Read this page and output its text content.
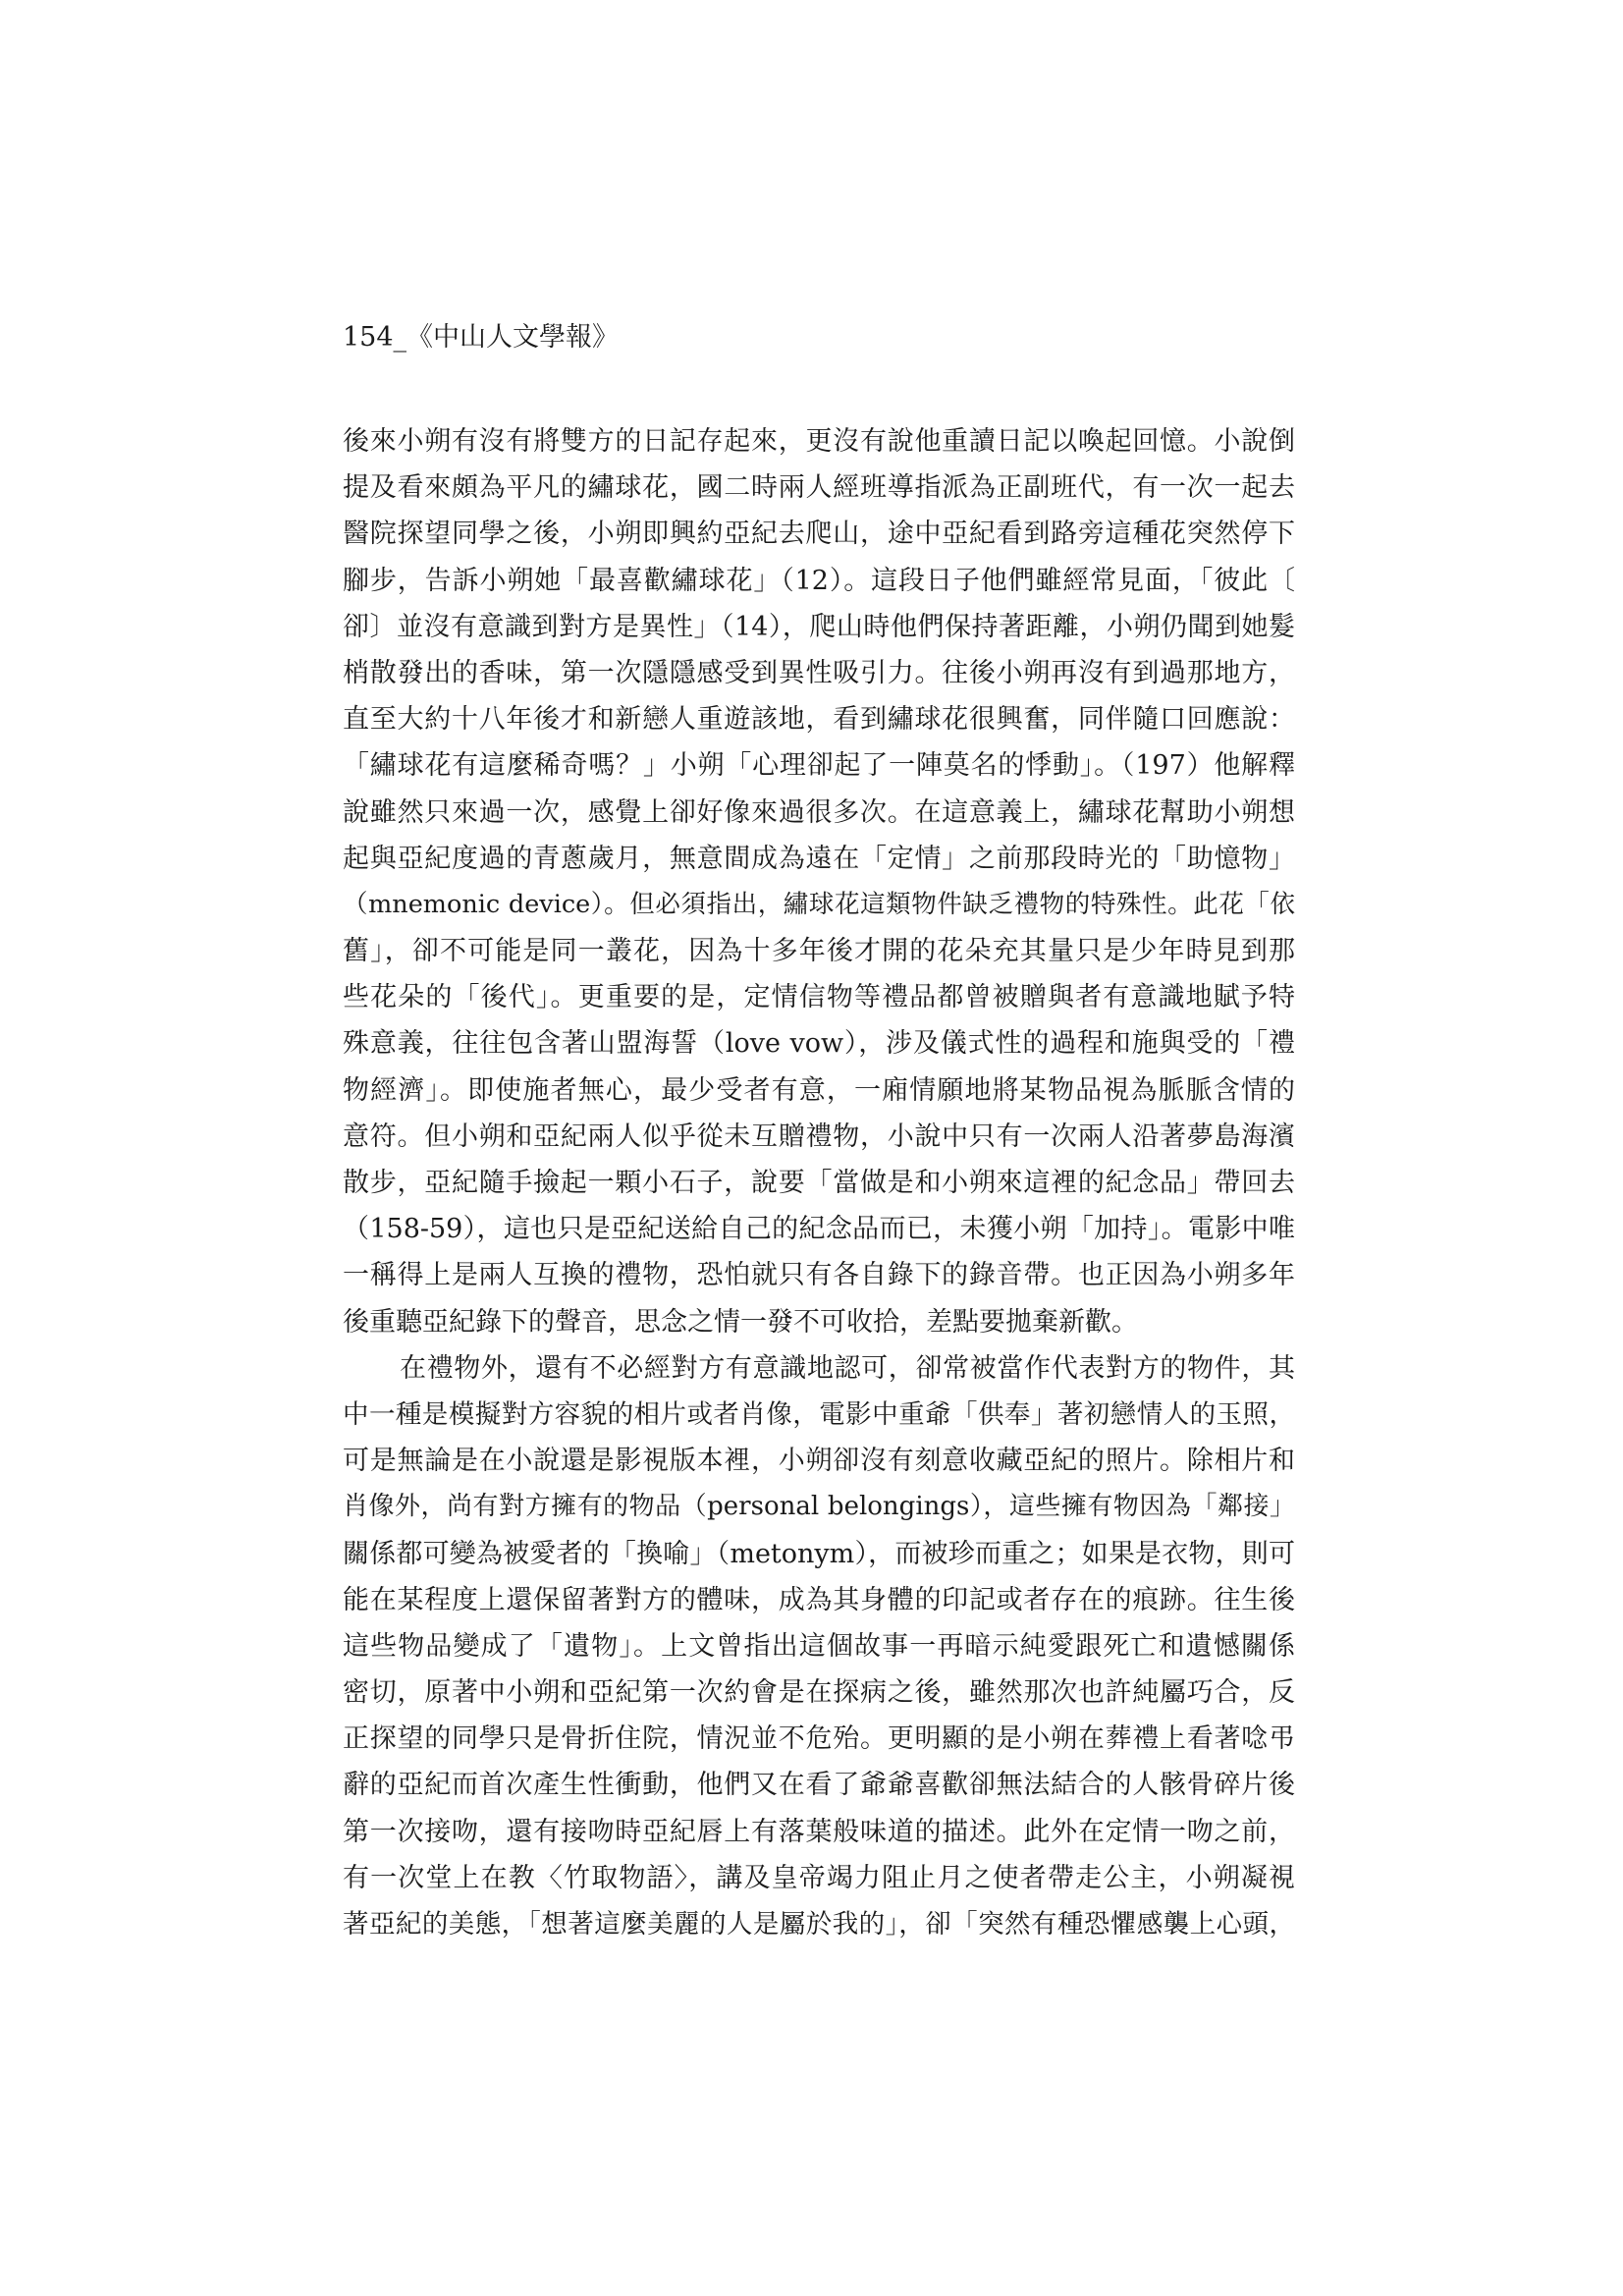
154_《中山人文學報》
後來小朔有沒有將雙方的日記存起來，更沒有說他重讀日記以喚起回憶。小說倒
提及看來頗為平凡的繡球花，國二時兩人經班導指派為正副班代，有一次一起去
醫院探望同學之後，小朔即興約亞紀去爬山，途中亞紀看到路旁這種花突然停下
腳步，告訴小朔她「最喜歡繡球花」（12）。這段日子他們雖經常見面，「彼此〔
卻〕並沒有意識到對方是異性」（14），爬山時他們保持著距離，小朔仍聞到她髮
梢散發出的香味，第一次隱隱感受到異性吸引力。往後小朔再沒有到過那地方，
直至大約十八年後才和新戀人重遊該地，看到繡球花很興奮，同伴隨口回應說：
「繡球花有這麼稀奇嗎？」小朔「心理卻起了一陣莫名的悸動」。（197）他解釋
說雖然只來過一次，感覺上卻好像來過很多次。在這意義上，繡球花幫助小朔想
起與亞紀度過的青蔥歲月，無意間成為遠在「定情」之前那段時光的「助憶物」
（mnemonic device）。但必須指出，繡球花這類物件缺乏禮物的特殊性。此花「依
舊」，卻不可能是同一叢花，因為十多年後才開的花朵充其量只是少年時見到那
些花朵的「後代」。更重要的是，定情信物等禮品都曾被贈與者有意識地賦予特
殊意義，往往包含著山盟海誓（love vow），涉及儀式性的過程和施與受的「禮
物經濟」。即使施者無心，最少受者有意，一廂情願地將某物品視為脈脈含情的
意符。但小朔和亞紀兩人似乎從未互贈禮物，小說中只有一次兩人沿著夢島海濱
散步，亞紀隨手撿起一顆小石子，說要「當做是和小朔來這裡的紀念品」帶回去
（158-59），這也只是亞紀送給自己的紀念品而已，未獲小朔「加持」。電影中唯
一稱得上是兩人互換的禮物，恐怕就只有各自錄下的錄音帶。也正因為小朔多年
後重聽亞紀錄下的聲音，思念之情一發不可收拾，差點要拋棄新歡。
在禮物外，還有不必經對方有意識地認可，卻常被當作代表對方的物件，其
中一種是模擬對方容貌的相片或者肖像，電影中重爺「供奉」著初戀情人的玉照，
可是無論是在小說還是影視版本裡，小朔卻沒有刻意收藏亞紀的照片。除相片和
肖像外，尚有對方擁有的物品（personal belongings），這些擁有物因為「鄰接」
關係都可變為被愛者的「換喻」（metonym），而被珍而重之；如果是衣物，則可
能在某程度上還保留著對方的體味，成為其身體的印記或者存在的痕跡。往生後
這些物品變成了「遺物」。上文曾指出這個故事一再暗示純愛跟死亡和遺憾關係
密切，原著中小朔和亞紀第一次約會是在探病之後，雖然那次也許純屬巧合，反
正探望的同學只是骨折住院，情況並不危殆。更明顯的是小朔在葬禮上看著唸弔
辭的亞紀而首次產生性衝動，他們又在看了爺爺喜歡卻無法結合的人骸骨碎片後
第一次接吻，還有接吻時亞紀唇上有落葉般味道的描述。此外在定情一吻之前，
有一次堂上在教〈竹取物語〉，講及皇帝竭力阻止月之使者帶走公主，小朔凝視
著亞紀的美態，「想著這麼美麗的人是屬於我的」，卻「突然有種恐懼感襲上心頭，
